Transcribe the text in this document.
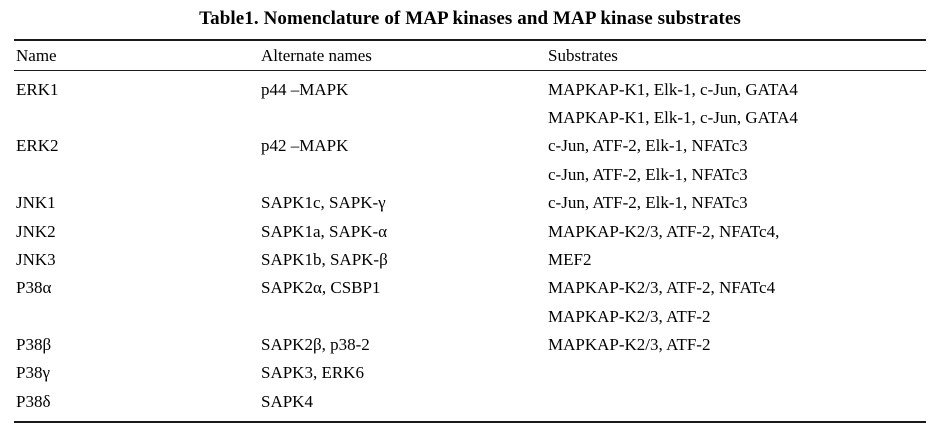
Table1. Nomenclature of MAP kinases and MAP kinase substrates
Name	Alternate names	Substrates
ERK1	p44 –MAPK	MAPKAP-K1, Elk-1, c-Jun, GATA4
		MAPKAP-K1, Elk-1, c-Jun, GATA4
ERK2	p42 –MAPK	c-Jun, ATF-2, Elk-1, NFATc3
		c-Jun, ATF-2, Elk-1, NFATc3
JNK1	SAPK1c, SAPK-γ	c-Jun, ATF-2, Elk-1, NFATc3
JNK2	SAPK1a, SAPK-α	MAPKAP-K2/3, ATF-2, NFATc4,
JNK3	SAPK1b, SAPK-β	MEF2
P38α	SAPK2α, CSBP1	MAPKAP-K2/3, ATF-2, NFATc4
		MAPKAP-K2/3, ATF-2
P38β	SAPK2β, p38-2	MAPKAP-K2/3, ATF-2
P38γ	SAPK3, ERK6	
P38δ	SAPK4	
